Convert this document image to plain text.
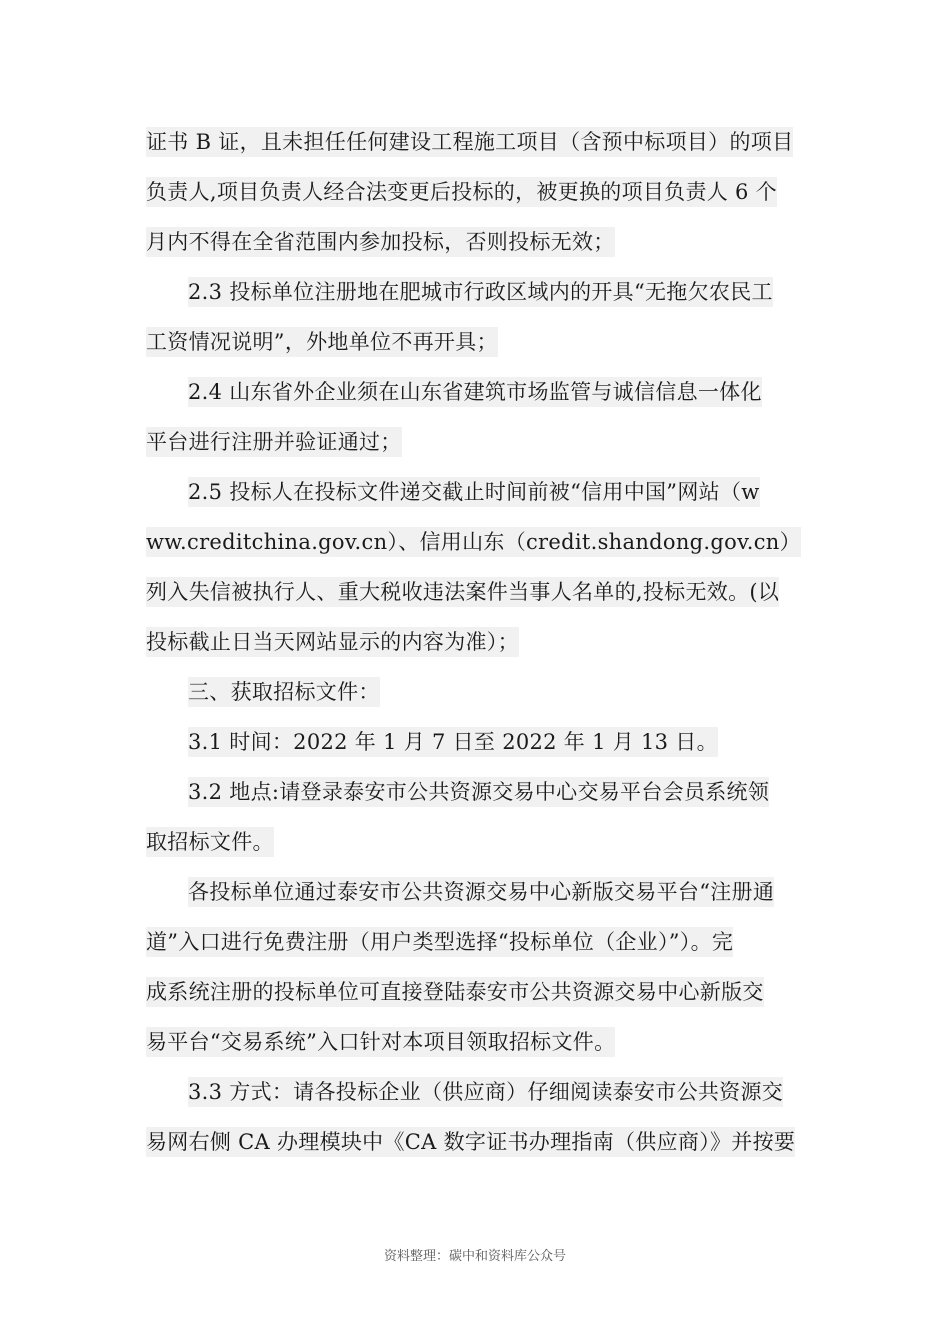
证书 B 证，且未担任任何建设工程施工项目（含预中标项目）的项目
负责人,项目负责人经合法变更后投标的，被更换的项目负责人 6 个
月内不得在全省范围内参加投标，否则投标无效；
2.3 投标单位注册地在肥城市行政区域内的开具“无拖欠农民工
工资情况说明”，外地单位不再开具；
2.4 山东省外企业须在山东省建筑市场监管与诚信信息一体化
平台进行注册并验证通过；
2.5 投标人在投标文件递交截止时间前被“信用中国”网站（w
ww.creditchina.gov.cn）、信用山东（credit.shandong.gov.cn）
列入失信被执行人、重大税收违法案件当事人名单的,投标无效。(以
投标截止日当天网站显示的内容为准）；
三、获取招标文件：
3.1 时间：2022 年 1 月 7 日至 2022 年 1 月 13 日。
3.2 地点:请登录泰安市公共资源交易中心交易平台会员系统领
取招标文件。
各投标单位通过泰安市公共资源交易中心新版交易平台“注册通
道”入口进行免费注册（用户类型选择“投标单位（企业）”）。完
成系统注册的投标单位可直接登陆泰安市公共资源交易中心新版交
易平台“交易系统”入口针对本项目领取招标文件。
3.3 方式：请各投标企业（供应商）仔细阅读泰安市公共资源交
易网右侧 CA 办理模块中《CA 数字证书办理指南（供应商）》并按要
资料整理：碳中和资料库公众号
